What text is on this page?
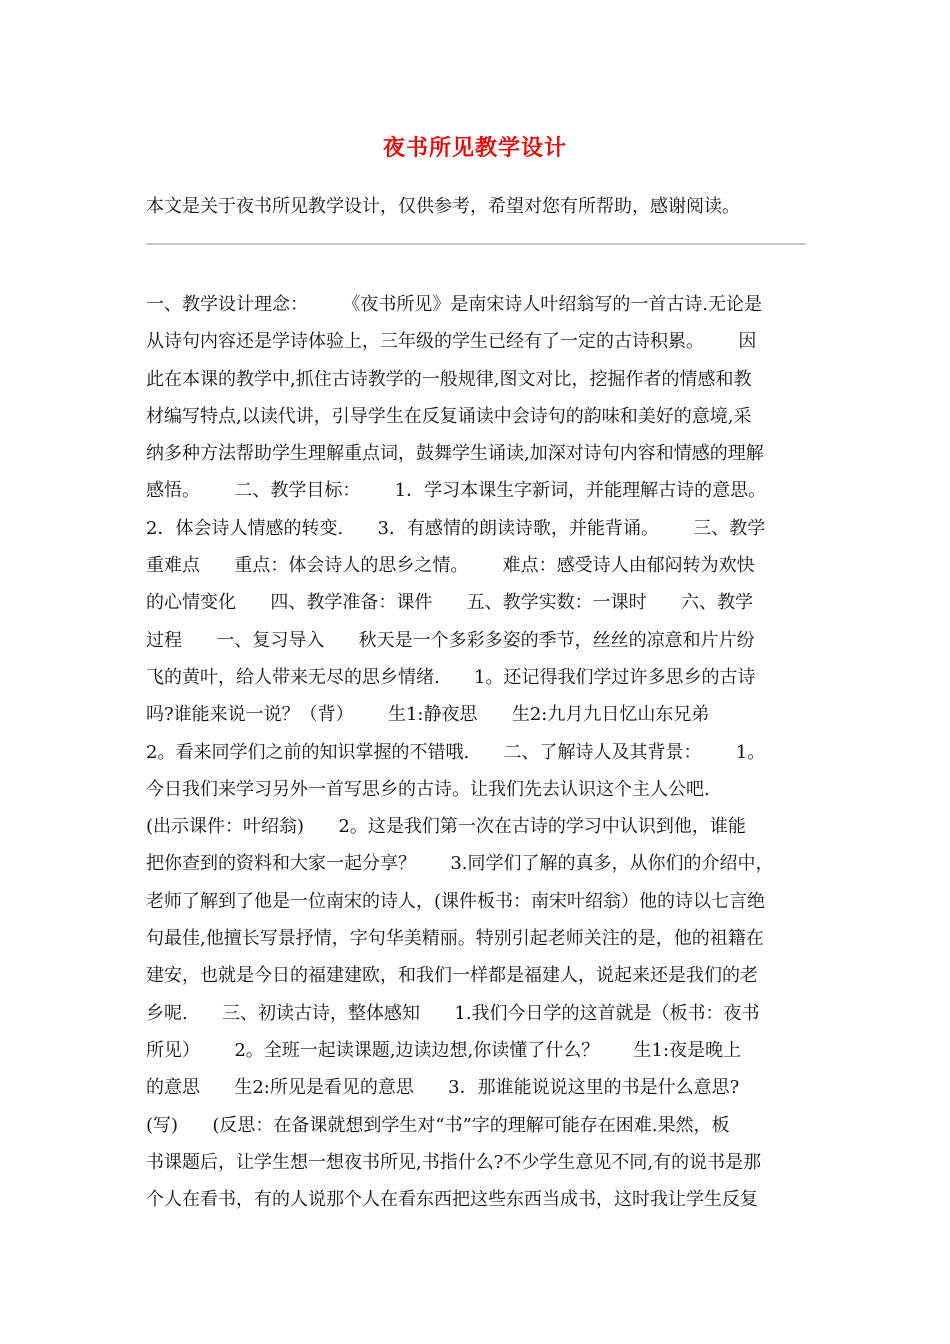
夜书所见教学设计
本文是关于夜书所见教学设计，仅供参考，希望对您有所帮助，感谢阅读。
一、教学设计理念：      《夜书所见》是南宋诗人叶绍翁写的一首古诗.无论是
从诗句内容还是学诗体验上，三年级的学生已经有了一定的古诗积累。      因
此在本课的教学中,抓住古诗教学的一般规律,图文对比，挖掘作者的情感和教
材编写特点,以读代讲，引导学生在反复诵读中会诗句的韵味和美好的意境,采
纳多种方法帮助学生理解重点词，鼓舞学生诵读,加深对诗句内容和情感的理解
感悟。      二、教学目标：      1．学习本课生字新词，并能理解古诗的意思。
2．体会诗人情感的转变.      3．有感情的朗读诗歌，并能背诵。      三、教学
重难点      重点：体会诗人的思乡之情。      难点：感受诗人由郁闷转为欢快
的心情变化      四、教学准备：课件      五、教学实数：一课时      六、教学
过程      一、复习导入      秋天是一个多彩多姿的季节，丝丝的凉意和片片纷
飞的黄叶，给人带来无尽的思乡情绪.      1。还记得我们学过许多思乡的古诗
吗?谁能来说一说？（背）      生1:静夜思      生2:九月九日忆山东兄弟
2。看来同学们之前的知识掌握的不错哦.      二、了解诗人及其背景：      1。
今日我们来学习另外一首写思乡的古诗。让我们先去认识这个主人公吧.
(出示课件：叶绍翁)      2。这是我们第一次在古诗的学习中认识到他，谁能
把你查到的资料和大家一起分享？      3.同学们了解的真多，从你们的介绍中，
老师了解到了他是一位南宋的诗人，(课件板书：南宋叶绍翁）他的诗以七言绝
句最佳,他擅长写景抒情，字句华美精丽。特别引起老师关注的是，他的祖籍在
建安，也就是今日的福建建欧，和我们一样都是福建人，说起来还是我们的老
乡呢.      三、初读古诗，整体感知      1.我们今日学的这首就是（板书：夜书
所见）      2。全班一起读课题,边读边想,你读懂了什么？      生1:夜是晚上
的意思      生2:所见是看见的意思      3．那谁能说说这里的书是什么意思?
(写)      (反思：在备课就想到学生对“书”字的理解可能存在困难.果然，板
书课题后，让学生想一想夜书所见,书指什么?不少学生意见不同,有的说书是那
个人在看书，有的人说那个人在看东西把这些东西当成书，这时我让学生反复
